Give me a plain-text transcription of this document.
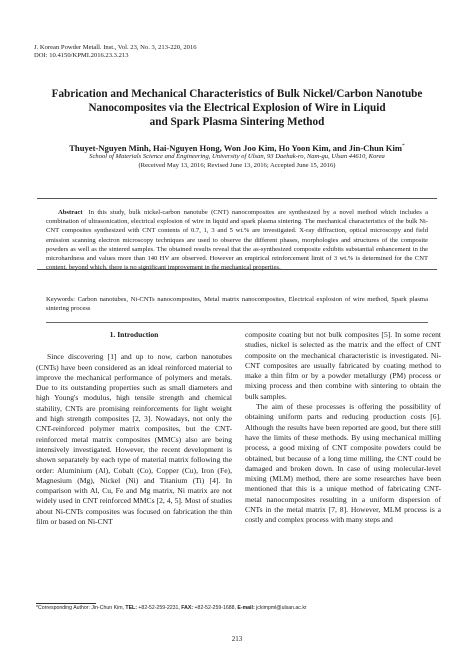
J. Korean Powder Metall. Inst., Vol. 23, No. 3, 213-220, 2016
DOI: 10.4150/KPMI.2016.23.3.213
Fabrication and Mechanical Characteristics of Bulk Nickel/Carbon Nanotube
Nanocomposites via the Electrical Explosion of Wire in Liquid
and Spark Plasma Sintering Method
Thuyet-Nguyen Minh, Hai-Nguyen Hong, Won Joo Kim, Ho Yoon Kim, and Jin-Chun Kim*
School of Materials Science and Engineering, University of Ulsan, 93 Daehak-ro, Nam-gu, Ulsan 44610, Korea
(Received May 13, 2016; Revised June 13, 2016; Accepted June 15, 2016)
Abstract In this study, bulk nickel-carbon nanotube (CNT) nanocomposites are synthesized by a novel method which includes a combination of ultrasonication, electrical explosion of wire in liquid and spark plasma sintering. The mechanical characteristics of the bulk Ni-CNT composites synthesized with CNT contents of 0.7, 1, 3 and 5 wt.% are investigated. X-ray diffraction, optical microscopy and field emission scanning electron microscopy techniques are used to observe the different phases, morphologies and structures of the composite powders as well as the sintered samples. The obtained results reveal that the as-synthesized composite exhibits substantial enhancement in the microhardness and values more than 140 HV are observed. However an empirical reinforcement limit of 3 wt.% is determined for the CNT content, beyond which, there is no significant improvement in the mechanical properties.
Keywords: Carbon nanotubes, Ni-CNTs nanocomposites, Metal matrix nanocomposites, Electrical explosion of wire method, Spark plasma sintering process
1. Introduction

Since discovering [1] and up to now, carbon nanotubes (CNTs) have been considered as an ideal reinforced material to improve the mechanical performance of polymers and metals. Due to its outstanding properties such as small diameters and high Young's modulus, high tensile strength and chemical stability, CNTs are promising reinforcements for light weight and high strength composites [2, 3]. Nowadays, not only the CNT-reinforced polymer matrix composites, but the CNT-reinforced metal matrix composites (MMCs) also are being intensively investigated. However, the recent development is shown separately by each type of material matrix following the order: Aluminium (Al), Cobalt (Co), Copper (Cu), Iron (Fe), Magnesium (Mg), Nickel (Ni) and Titanium (Ti) [4]. In comparison with Al, Cu, Fe and Mg matrix, Ni matrix are not widely used in CNT reinforced MMCs [2, 4, 5]. Most of studies about Ni-CNTs composites was focused on fabrication the thin film or based on Ni-CNT

composite coating but not bulk composites [5]. In some recent studies, nickel is selected as the matrix and the effect of CNT composite on the mechanical characteristic is investigated. Ni-CNT composites are usually fabricated by coating method to make a thin film or by a powder metallurgy (PM) process or mixing process and then combine with sintering to obtain the bulk samples.

The aim of these processes is offering the possibility of obtaining uniform parts and reducing production costs [6]. Although the results have been reported are good, but there still have the limits of these methods. By using mechanical milling process, a good mixing of CNT composite powders could be obtained, but because of a long time milling, the CNT could be damaged and broken down. In case of using molecular-level mixing (MLM) method, there are some researches have been mentioned that this is a unique method of fabricating CNT-metal nanocomposites resulting in a uniform dispersion of CNTs in the metal matrix [7, 8]. However, MLM process is a costly and complex process with many steps and

*Corresponding Author: Jin-Chun Kim, TEL: +82-52-259-2231, FAX: +82-52-259-1688, E-mail: jckimpml@ulsan.ac.kr
213
